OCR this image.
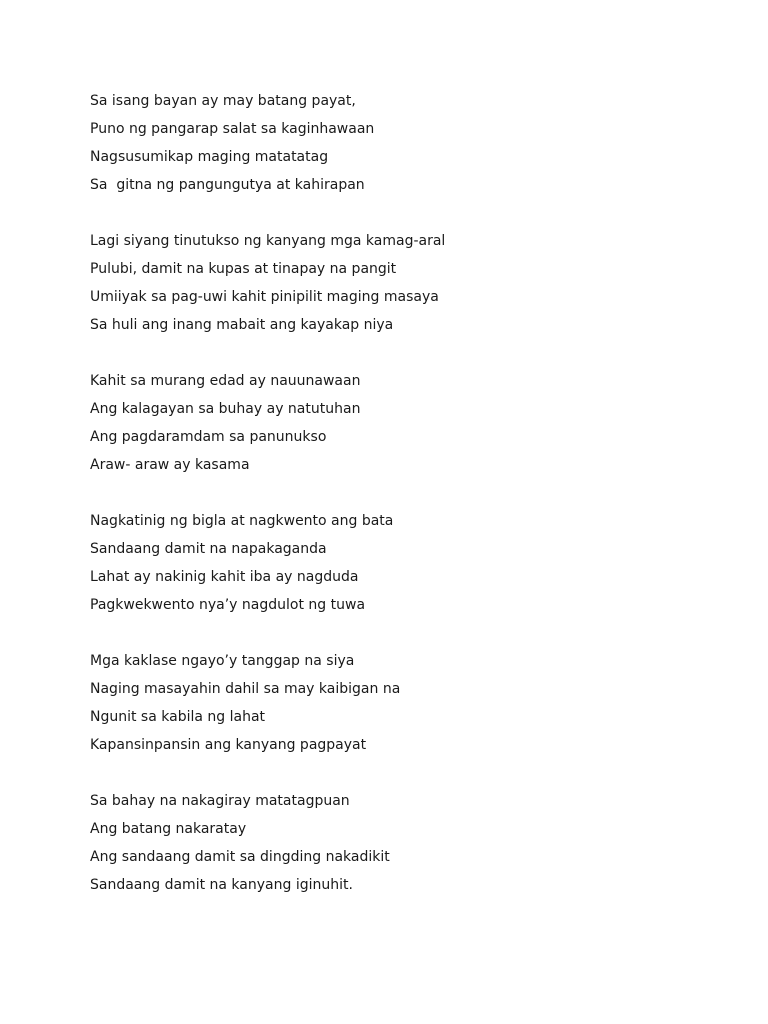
Sa isang bayan ay may batang payat,
Puno ng pangarap salat sa kaginhawaan
Nagsusumikap maging matatatag
Sa  gitna ng pangungutya at kahirapan
Lagi siyang tinutukso ng kanyang mga kamag-aral
Pulubi, damit na kupas at tinapay na pangit
Umiiyak sa pag-uwi kahit pinipilit maging masaya
Sa huli ang inang mabait ang kayakap niya
Kahit sa murang edad ay nauunawaan
Ang kalagayan sa buhay ay natutuhan
Ang pagdaramdam sa panunukso
Araw- araw ay kasama
Nagkatinig ng bigla at nagkwento ang bata
Sandaang damit na napakaganda
Lahat ay nakinig kahit iba ay nagduda
Pagkwekwento nya’y nagdulot ng tuwa
Mga kaklase ngayo’y tanggap na siya
Naging masayahin dahil sa may kaibigan na
Ngunit sa kabila ng lahat
Kapansinpansin ang kanyang pagpayat
Sa bahay na nakagiray matatagpuan
Ang batang nakaratay
Ang sandaang damit sa dingding nakadikit
Sandaang damit na kanyang iginuhit.
